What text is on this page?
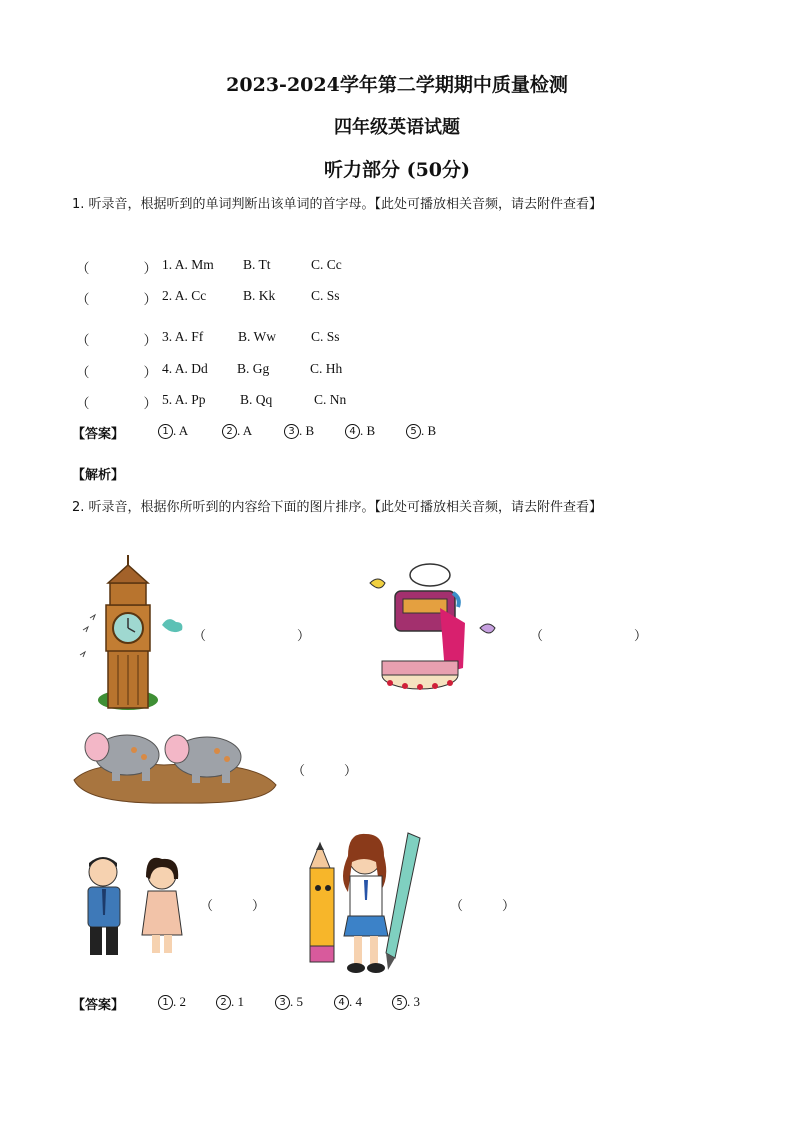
2023-2024学年第二学期期中质量检测
四年级英语试题
听力部分 (50分)
1. 听录音，根据听到的单词判断出该单词的首字母。【此处可播放相关音频，请去附件查看】
（　　　　） 1. A. Mm B. Tt	C. Cc
（　　　　） 2. A. Cc	B. Kk	C. Ss
（　　　　） 3. A. Ff	B. Ww	C. Ss
（　　　　） 4. A. Dd B. Gg	C. Hh
（　　　　） 5. A. Pp	B. Qq	C. Nn
【答案】	1 . A	2 . A	3 . B	4 . B	5 . B
【解析】
2. 听录音，根据你所听到的内容给下面的图片排序。【此处可播放相关音频，请去附件查看】
（　　　　　　　）	（　　　　　　　）
（　　　）
（　　　）	（　　　）
【答案】	1 . 2	2 . 1	3 . 5	4 . 4	5 . 3
